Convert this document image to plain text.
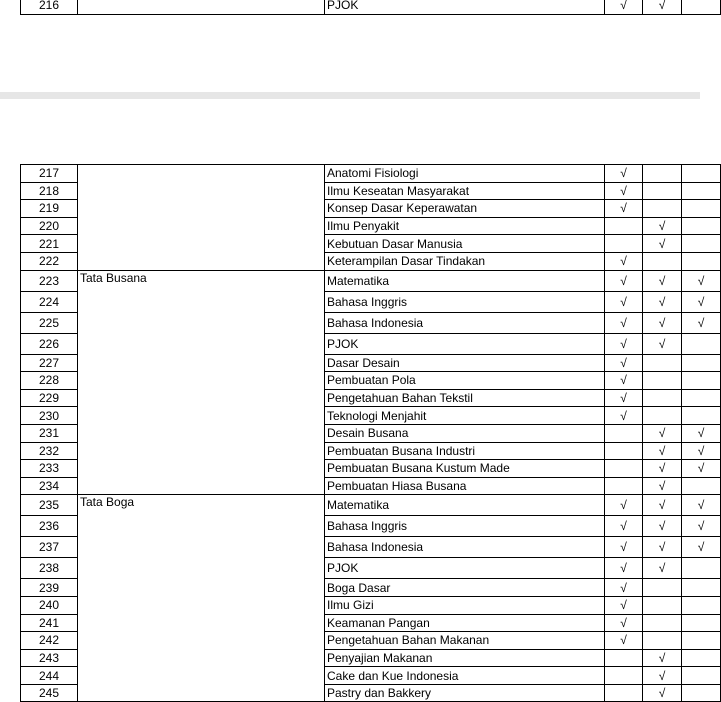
216		PJOK	√	√	
217		Anatomi Fisiologi	√		
218		Ilmu Keseatan Masyarakat	√		
219		Konsep Dasar Keperawatan	√		
220		Ilmu Penyakit		√	
221		Kebutuan Dasar Manusia		√	
222		Keterampilan Dasar Tindakan	√		
223	Tata Busana	Matematika	√	√	√
224		Bahasa Inggris	√	√	√
225		Bahasa Indonesia	√	√	√
226		PJOK	√	√	
227		Dasar Desain	√		
228		Pembuatan Pola	√		
229		Pengetahuan Bahan Tekstil	√		
230		Teknologi Menjahit	√		
231		Desain Busana		√	√
232		Pembuatan Busana Industri		√	√
233		Pembuatan Busana Kustum Made		√	√
234		Pembuatan Hiasa Busana		√	
235	Tata Boga	Matematika	√	√	√
236		Bahasa Inggris	√	√	√
237		Bahasa Indonesia	√	√	√
238		PJOK	√	√	
239		Boga Dasar	√		
240		Ilmu Gizi	√		
241		Keamanan Pangan	√		
242		Pengetahuan Bahan Makanan	√		
243		Penyajian Makanan		√	
244		Cake dan Kue Indonesia		√	
245		Pastry dan Bakkery		√	
